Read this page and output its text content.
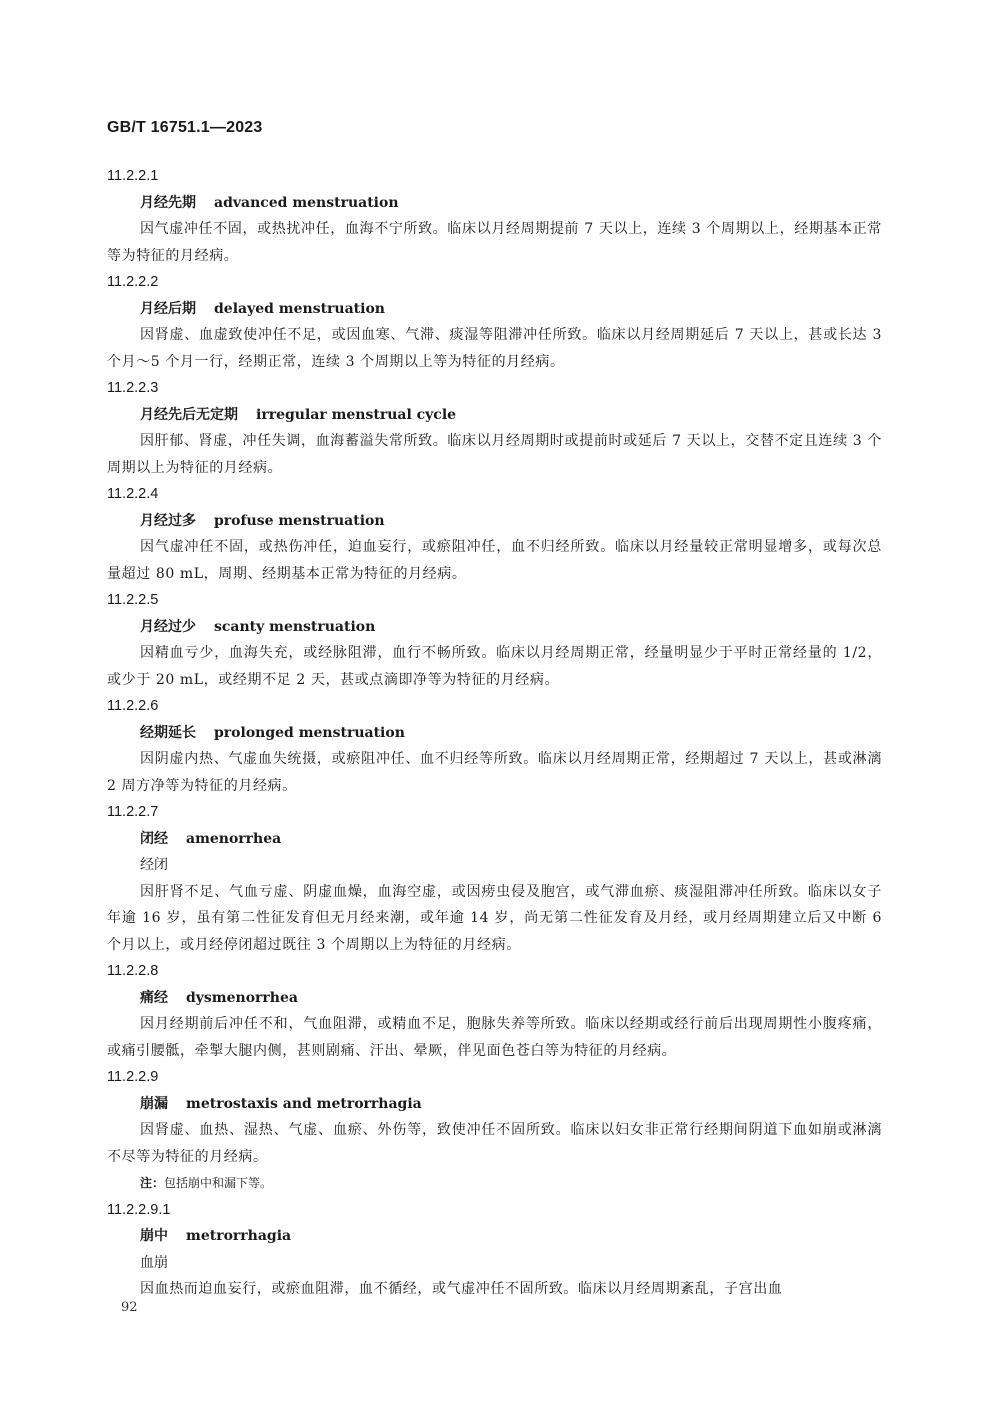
GB/T 16751.1—2023
11.2.2.1
月经先期 advanced menstruation

因气虚冲任不固，或热扰冲任，血海不宁所致。临床以月经周期提前 7 天以上，连续 3 个周期以上，经期基本正常等为特征的月经病。

11.2.2.2
月经后期 delayed menstruation

因肾虚、血虚致使冲任不足，或因血寒、气滞、痰湿等阻滞冲任所致。临床以月经周期延后 7 天以上，甚或长达 3 个月～5 个月一行，经期正常，连续 3 个周期以上等为特征的月经病。

11.2.2.3
月经先后无定期 irregular menstrual cycle

因肝郁、肾虚，冲任失调，血海蓄溢失常所致。临床以月经周期时或提前时或延后 7 天以上，交替不定且连续 3 个周期以上为特征的月经病。

11.2.2.4
月经过多 profuse menstruation

因气虚冲任不固，或热伤冲任，迫血妄行，或瘀阻冲任，血不归经所致。临床以月经量较正常明显增多，或每次总量超过 80 mL，周期、经期基本正常为特征的月经病。

11.2.2.5
月经过少 scanty menstruation

因精血亏少，血海失充，或经脉阻滞，血行不畅所致。临床以月经周期正常，经量明显少于平时正常经量的 1/2，或少于 20 mL，或经期不足 2 天，甚或点滴即净等为特征的月经病。

11.2.2.6
经期延长 prolonged menstruation

因阴虚内热、气虚血失统摄，或瘀阻冲任、血不归经等所致。临床以月经周期正常，经期超过 7 天以上，甚或淋漓 2 周方净等为特征的月经病。

11.2.2.7
闭经 amenorrhea
经闭

因肝肾不足、气血亏虚、阴虚血燥，血海空虚，或因痨虫侵及胞宫，或气滞血瘀、痰湿阻滞冲任所致。临床以女子年逾 16 岁，虽有第二性征发育但无月经来潮，或年逾 14 岁，尚无第二性征发育及月经，或月经周期建立后又中断 6 个月以上，或月经停闭超过既往 3 个周期以上为特征的月经病。

11.2.2.8
痛经 dysmenorrhea

因月经期前后冲任不和，气血阻滞，或精血不足，胞脉失养等所致。临床以经期或经行前后出现周期性小腹疼痛，或痛引腰骶，牵掣大腿内侧，甚则剧痛、汗出、晕厥，伴见面色苍白等为特征的月经病。

11.2.2.9
崩漏 metrostaxis and metrorrhagia

因肾虚、血热、湿热、气虚、血瘀、外伤等，致使冲任不固所致。临床以妇女非正常行经期间阴道下血如崩或淋漓不尽等为特征的月经病。

注：包括崩中和漏下等。
11.2.2.9.1
崩中 metrorrhagia
血崩

因血热而迫血妄行，或瘀血阻滞，血不循经，或气虚冲任不固所致。临床以月经周期紊乱，子宫出血

92
